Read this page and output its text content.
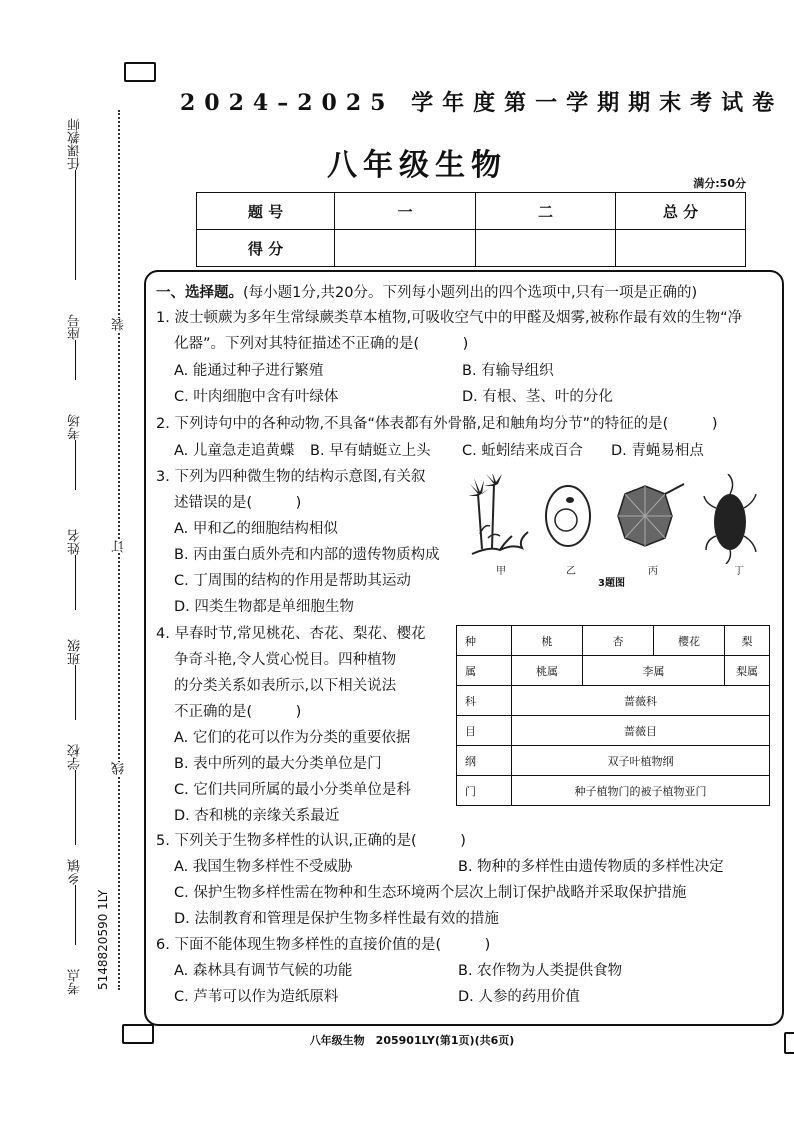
任课教师
座号
考场
姓名
班级
学校
乡镇
考点 5148820590 1LY
装
订
线
2024–2025 学年度第一学期期末考试卷
八年级生物
满分:50分
题 号	一	二	总 分
得 分			
一、选择题。(每小题1分,共20分。下列每小题列出的四个选项中,只有一项是正确的)
1. 波士顿蕨为多年生常绿蕨类草本植物,可吸收空气中的甲醛及烟雾,被称作最有效的生物“净
化器”。下列对其特征描述不正确的是(　　　)
A. 能通过种子进行繁殖	B. 有输导组织
C. 叶肉细胞中含有叶绿体	D. 有根、茎、叶的分化
2. 下列诗句中的各种动物,不具备“体表都有外骨骼,足和触角均分节”的特征的是(　　　)
A. 儿童急走追黄蝶 B. 早有蜻蜓立上头 C. 蚯蚓结来成百合 D. 青蝇易相点
3. 下列为四种微生物的结构示意图,有关叙
述错误的是(　　　)
A. 甲和乙的细胞结构相似
B. 丙由蛋白质外壳和内部的遗传物质构成
C. 丁周围的结构的作用是帮助其运动
D. 四类生物都是单细胞生物
甲	乙	丙	丁
3题图
4. 早春时节,常见桃花、杏花、梨花、樱花
争奇斗艳,令人赏心悦目。四种植物
的分类关系如表所示,以下相关说法
不正确的是(　　　)
A. 它们的花可以作为分类的重要依据
B. 表中所列的最大分类单位是门
C. 它们共同所属的最小分类单位是科
D. 杏和桃的亲缘关系最近
种	桃	杏	樱花	梨
属	桃属	李属		梨属
科	蔷薇科			
目	蔷薇目			
纲	双子叶植物纲			
门	种子植物门的被子植物亚门			
5. 下列关于生物多样性的认识,正确的是(　　　)
A. 我国生物多样性不受威胁	B. 物种的多样性由遗传物质的多样性决定
C. 保护生物多样性需在物种和生态环境两个层次上制订保护战略并采取保护措施
D. 法制教育和管理是保护生物多样性最有效的措施
6. 下面不能体现生物多样性的直接价值的是(　　　)
A. 森林具有调节气候的功能	B. 农作物为人类提供食物
C. 芦苇可以作为造纸原料	D. 人参的药用价值
八年级生物　205901LY(第1页)(共6页)
